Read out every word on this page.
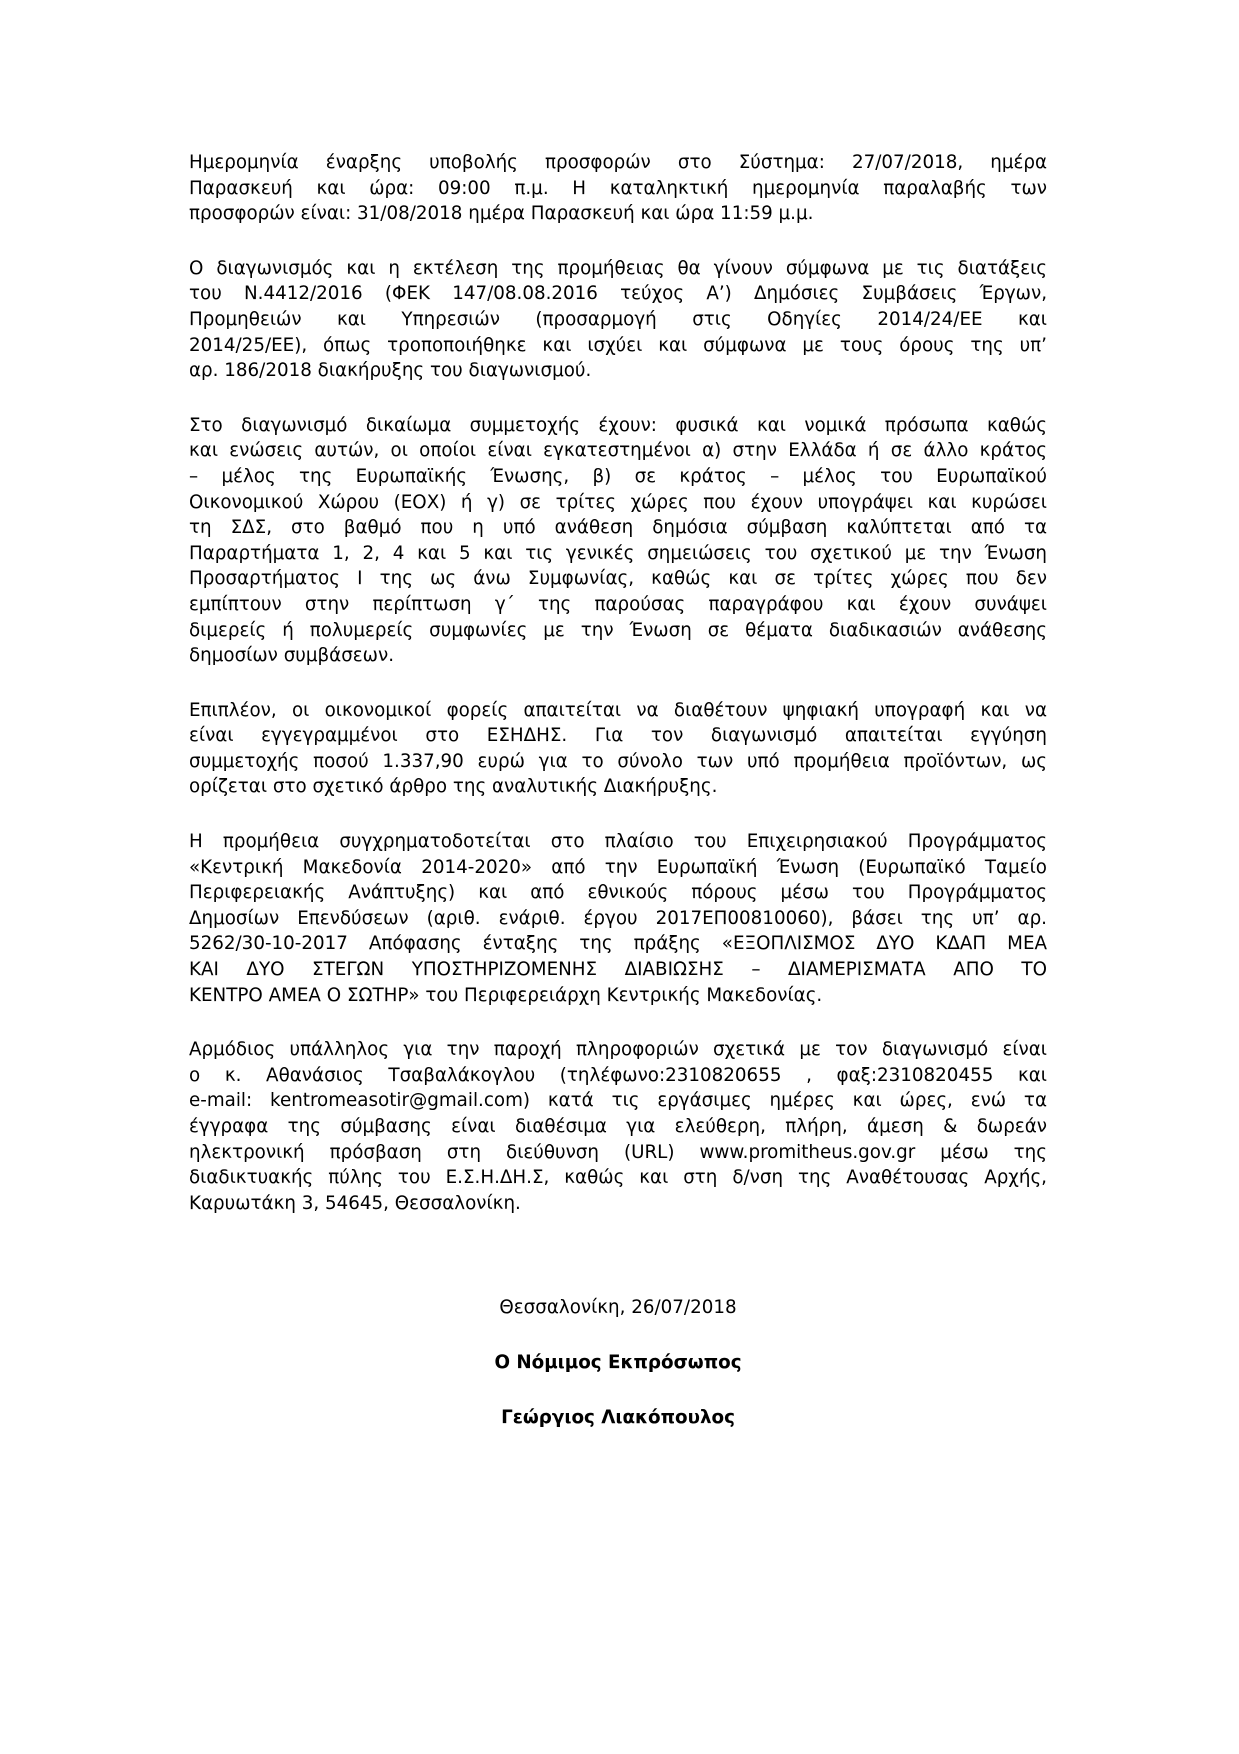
Ημερομηνία έναρξης υποβολής προσφορών στο Σύστημα: 27/07/2018, ημέρα
Παρασκευή και ώρα: 09:00 π.μ. Η καταληκτική ημερομηνία παραλαβής των
προσφορών είναι: 31/08/2018 ημέρα Παρασκευή και ώρα 11:59 μ.μ.

Ο διαγωνισμός και η εκτέλεση της προμήθειας θα γίνουν σύμφωνα με τις διατάξεις
του Ν.4412/2016 (ΦΕΚ 147/08.08.2016 τεύχος Α’) Δημόσιες Συμβάσεις Έργων,
Προμηθειών και Υπηρεσιών (προσαρμογή στις Οδηγίες 2014/24/ΕΕ και
2014/25/ΕΕ), όπως τροποποιήθηκε και ισχύει και σύμφωνα με τους όρους της υπ’
αρ. 186/2018 διακήρυξης του διαγωνισμού.

Στο διαγωνισμό δικαίωμα συμμετοχής έχουν: φυσικά και νομικά πρόσωπα καθώς
και ενώσεις αυτών, οι οποίοι είναι εγκατεστημένοι α) στην Ελλάδα ή σε άλλο κράτος
– μέλος της Ευρωπαϊκής Ένωσης, β) σε κράτος – μέλος του Ευρωπαϊκού
Οικονομικού Χώρου (ΕΟΧ) ή γ) σε τρίτες χώρες που έχουν υπογράψει και κυρώσει
τη ΣΔΣ, στο βαθμό που η υπό ανάθεση δημόσια σύμβαση καλύπτεται από τα
Παραρτήματα 1, 2, 4 και 5 και τις γενικές σημειώσεις του σχετικού με την Ένωση
Προσαρτήματος Ι της ως άνω Συμφωνίας, καθώς και σε τρίτες χώρες που δεν
εμπίπτουν στην περίπτωση γ΄ της παρούσας παραγράφου και έχουν συνάψει
διμερείς ή πολυμερείς συμφωνίες με την Ένωση σε θέματα διαδικασιών ανάθεσης
δημοσίων συμβάσεων.

Επιπλέον, οι οικονομικοί φορείς απαιτείται να διαθέτουν ψηφιακή υπογραφή και να
είναι εγγεγραμμένοι στο ΕΣΗΔΗΣ. Για τον διαγωνισμό απαιτείται εγγύηση
συμμετοχής ποσού 1.337,90 ευρώ για το σύνολο των υπό προμήθεια προϊόντων, ως
ορίζεται στο σχετικό άρθρο της αναλυτικής Διακήρυξης.

Η προμήθεια συγχρηματοδοτείται στο πλαίσιο του Επιχειρησιακού Προγράμματος
«Κεντρική Μακεδονία 2014-2020» από την Ευρωπαϊκή Ένωση (Ευρωπαϊκό Ταμείο
Περιφερειακής Ανάπτυξης) και από εθνικούς πόρους μέσω του Προγράμματος
Δημοσίων Επενδύσεων (αριθ. ενάριθ. έργου 2017ΕΠ00810060), βάσει της υπ’ αρ.
5262/30-10-2017 Απόφασης ένταξης της πράξης «ΕΞΟΠΛΙΣΜΟΣ ΔΥΟ ΚΔΑΠ ΜΕΑ
ΚΑΙ ΔΥΟ ΣΤΕΓΩΝ ΥΠΟΣΤΗΡΙΖΟΜΕΝΗΣ ΔΙΑΒΙΩΣΗΣ – ΔΙΑΜΕΡΙΣΜΑΤΑ ΑΠΟ ΤΟ
ΚΕΝΤΡΟ ΑΜΕΑ Ο ΣΩΤΗΡ» του Περιφερειάρχη Κεντρικής Μακεδονίας.

Αρμόδιος υπάλληλος για την παροχή πληροφοριών σχετικά με τον διαγωνισμό είναι
ο κ. Αθανάσιος Τσαβαλάκογλου (τηλέφωνο:2310820655 , φαξ:2310820455 και
e-mail: kentromeasotir@gmail.com) κατά τις εργάσιμες ημέρες και ώρες, ενώ τα
έγγραφα της σύμβασης είναι διαθέσιμα για ελεύθερη, πλήρη, άμεση & δωρεάν
ηλεκτρονική πρόσβαση στη διεύθυνση (URL) www.promitheus.gov.gr μέσω της
διαδικτυακής πύλης του Ε.Σ.Η.ΔΗ.Σ, καθώς και στη δ/νση της Αναθέτουσας Αρχής,
Καρυωτάκη 3, 54645, Θεσσαλονίκη.

Θεσσαλονίκη, 26/07/2018
Ο Νόμιμος Εκπρόσωπος
Γεώργιος Λιακόπουλος
